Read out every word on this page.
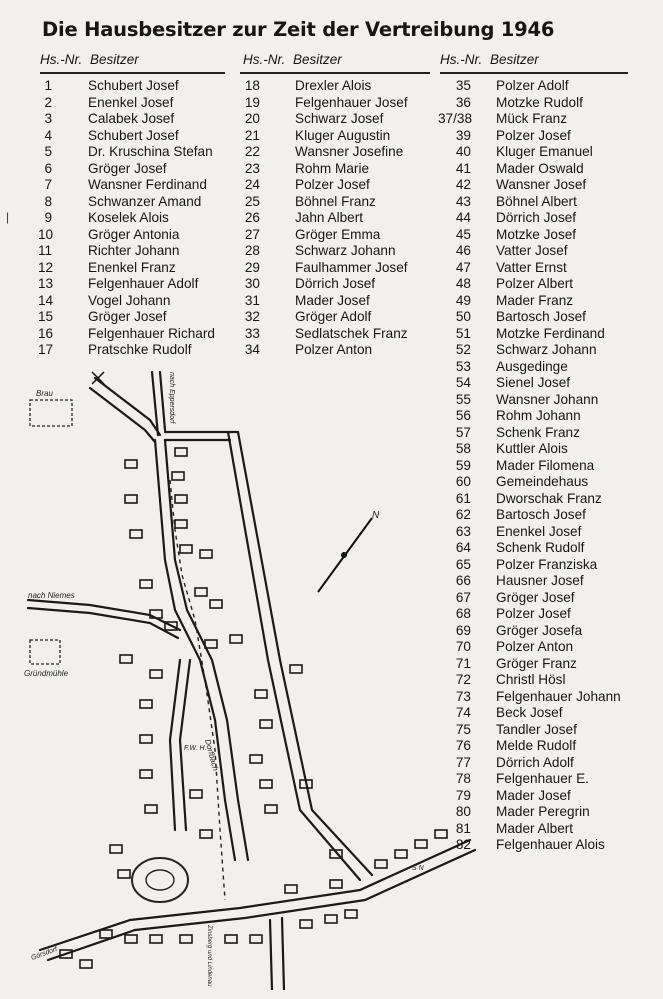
Die Hausbesitzer zur Zeit der Vertreibung 1946
Hs.-Nr. Besitzer	Hs.-Nr. Besitzer	Hs.-Nr. Besitzer
1	Schubert Josef
2	Enenkel Josef
3	Calabek Josef
4	Schubert Josef
5	Dr. Kruschina Stefan
6	Gröger Josef
7	Wansner Ferdinand
8	Schwanzer Amand
9	Koselek Alois
10	Gröger Antonia
11	Richter Johann
12	Enenkel Franz
13	Felgenhauer Adolf
14	Vogel Johann
15	Gröger Josef
16	Felgenhauer Richard
17	Pratschke Rudolf
18	Drexler Alois
19	Felgenhauer Josef
20	Schwarz Josef
21	Kluger Augustin
22	Wansner Josefine
23	Rohm Marie
24	Polzer Josef
25	Böhnel Franz
26	Jahn Albert
27	Gröger Emma
28	Schwarz Johann
29	Faulhammer Josef
30	Dörrich Josef
31	Mader Josef
32	Gröger Adolf
33	Sedlatschek Franz
34	Polzer Anton
35 Polzer Adolf
36 Motzke Rudolf
37/38 Mück Franz
39 Polzer Josef
40 Kluger Emanuel
41 Mader Oswald
42 Wansner Josef
43 Böhnel Albert
44 Dörrich Josef
45 Motzke Josef
46 Vatter Josef
47 Vatter Ernst
48 Polzer Albert
49 Mader Franz
50 Bartosch Josef
51 Motzke Ferdinand
52 Schwarz Johann
53 Ausgedinge
54 Sienel Josef
55 Wansner Johann
56 Rohm Johann
57 Schenk Franz
58 Kuttler Alois
59 Mader Filomena
60 Gemeindehaus
61 Dworschak Franz
62 Bartosch Josef
63 Enenkel Josef
64 Schenk Rudolf
65 Polzer Franziska
66 Hausner Josef
67 Gröger Josef
68 Polzer Josef
69 Gröger Josefa
70 Polzer Anton
71 Gröger Franz
72 Christl Hösl
73 Felgenhauer Johann
74 Beck Josef
75 Tandler Josef
76 Melde Rudolf
77 Dörrich Adolf
78 Felgenhauer E.
79 Mader Josef
80 Mader Peregrin
81 Mader Albert
82 Felgenhauer Alois
|
N
Brau
Gründmühle
nach Niemes
nach Eppersdorf
Dorfbach
F.W. H.
Görsdorf	Zinsberg und Lindenau
S N
